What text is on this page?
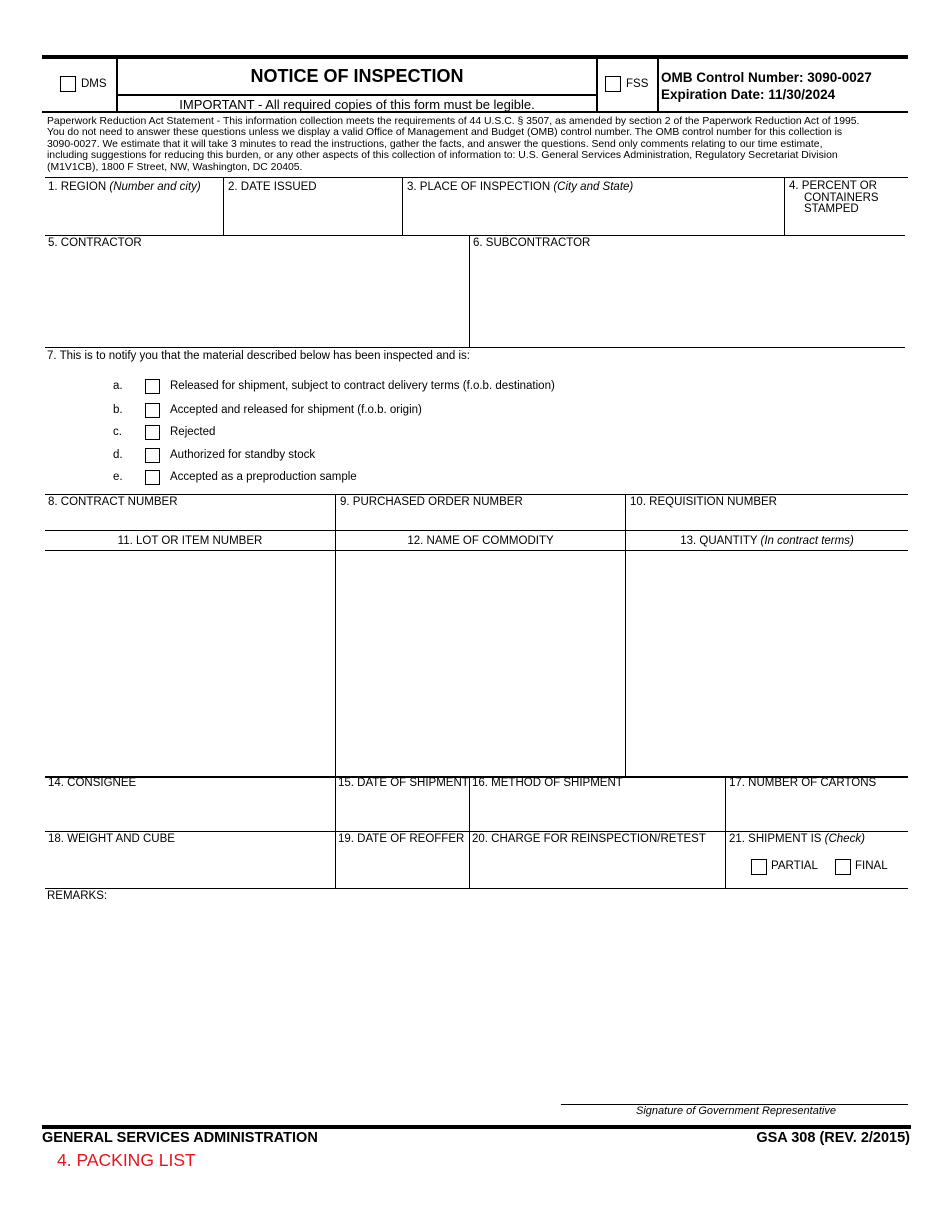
DMS	NOTICE OF INSPECTION
IMPORTANT - All required copies of this form must be legible.
FSS OMB Control Number: 3090-0027
Expiration Date: 11/30/2024
Paperwork Reduction Act Statement - This information collection meets the requirements of 44 U.S.C. § 3507, as amended by section 2 of the Paperwork Reduction Act of 1995.
You do not need to answer these questions unless we display a valid Office of Management and Budget (OMB) control number. The OMB control number for this collection is
3090-0027. We estimate that it will take 3 minutes to read the instructions, gather the facts, and answer the questions. Send only comments relating to our time estimate,
including suggestions for reducing this burden, or any other aspects of this collection of information to: U.S. General Services Administration, Regulatory Secretariat Division
(M1V1CB), 1800 F Street, NW, Washington, DC 20405.
1. REGION (Number and city) 2. DATE ISSUED	3. PLACE OF INSPECTION (City and State)	4. PERCENT OR
CONTAINERS
STAMPED
5. CONTRACTOR	6. SUBCONTRACTOR
7. This is to notify you that the material described below has been inspected and is:
a.	Released for shipment, subject to contract delivery terms (f.o.b. destination)
b.	Accepted and released for shipment (f.o.b. origin)
c.	Rejected
d.	Authorized for standby stock
e.	Accepted as a preproduction sample
8. CONTRACT NUMBER	9. PURCHASED ORDER NUMBER	10. REQUISITION NUMBER
11. LOT OR ITEM NUMBER	12. NAME OF COMMODITY	13. QUANTITY (In contract terms)
14. CONSIGNEE	15. DATE OF SHIPMENT 16. METHOD OF SHIPMENT	17. NUMBER OF CARTONS
18. WEIGHT AND CUBE	19. DATE OF REOFFER 20. CHARGE FOR REINSPECTION/RETEST 21. SHIPMENT IS (Check)
PARTIAL	FINAL
REMARKS:
Signature of Government Representative
GENERAL SERVICES ADMINISTRATION	GSA 308 (REV. 2/2015)
4. PACKING LIST
